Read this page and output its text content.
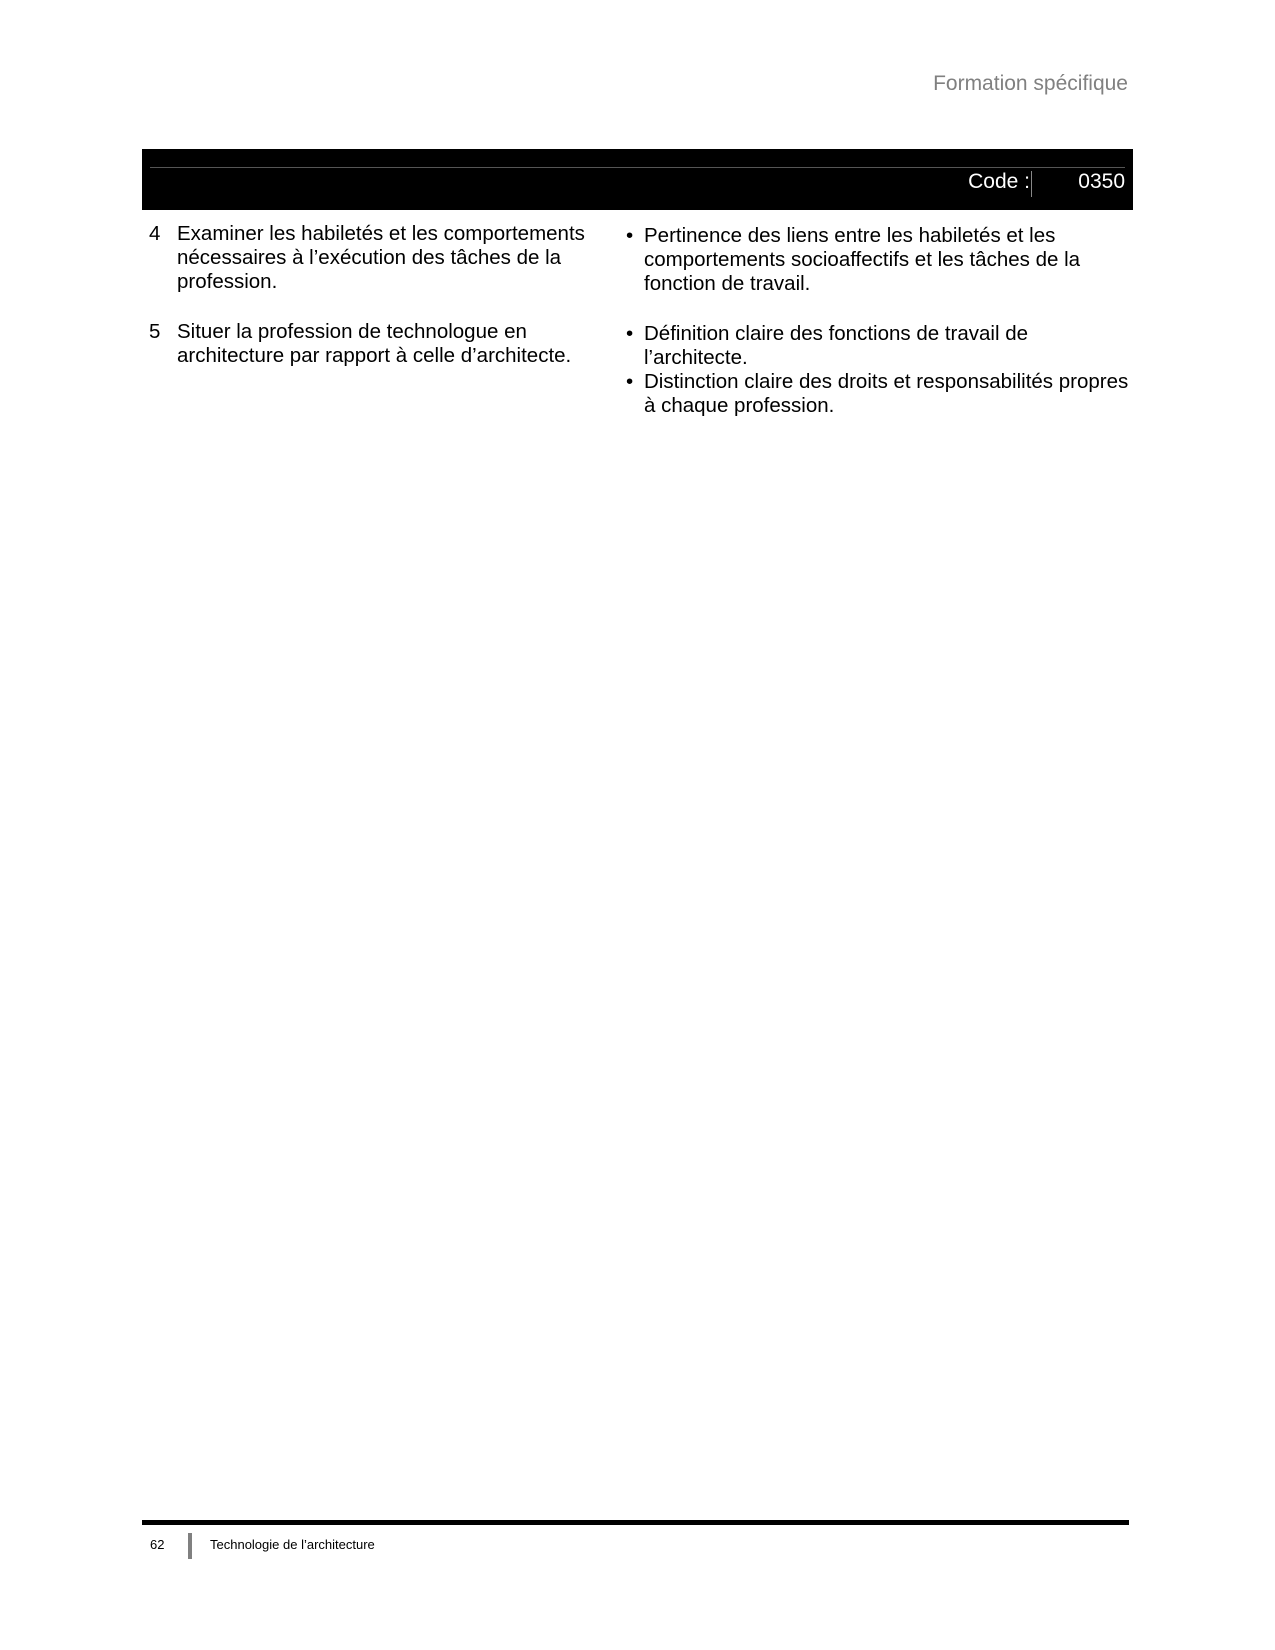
Formation spécifique
Code : 0350
4 Examiner les habiletés et les comportements nécessaires à l’exécution des tâches de la profession.
• Pertinence des liens entre les habiletés et les comportements socioaffectifs et les tâches de la fonction de travail.
5 Situer la profession de technologue en architecture par rapport à celle d’architecte.
• Définition claire des fonctions de travail de l’architecte.
• Distinction claire des droits et responsabilités propres à chaque profession.
62	Technologie de l’architecture
